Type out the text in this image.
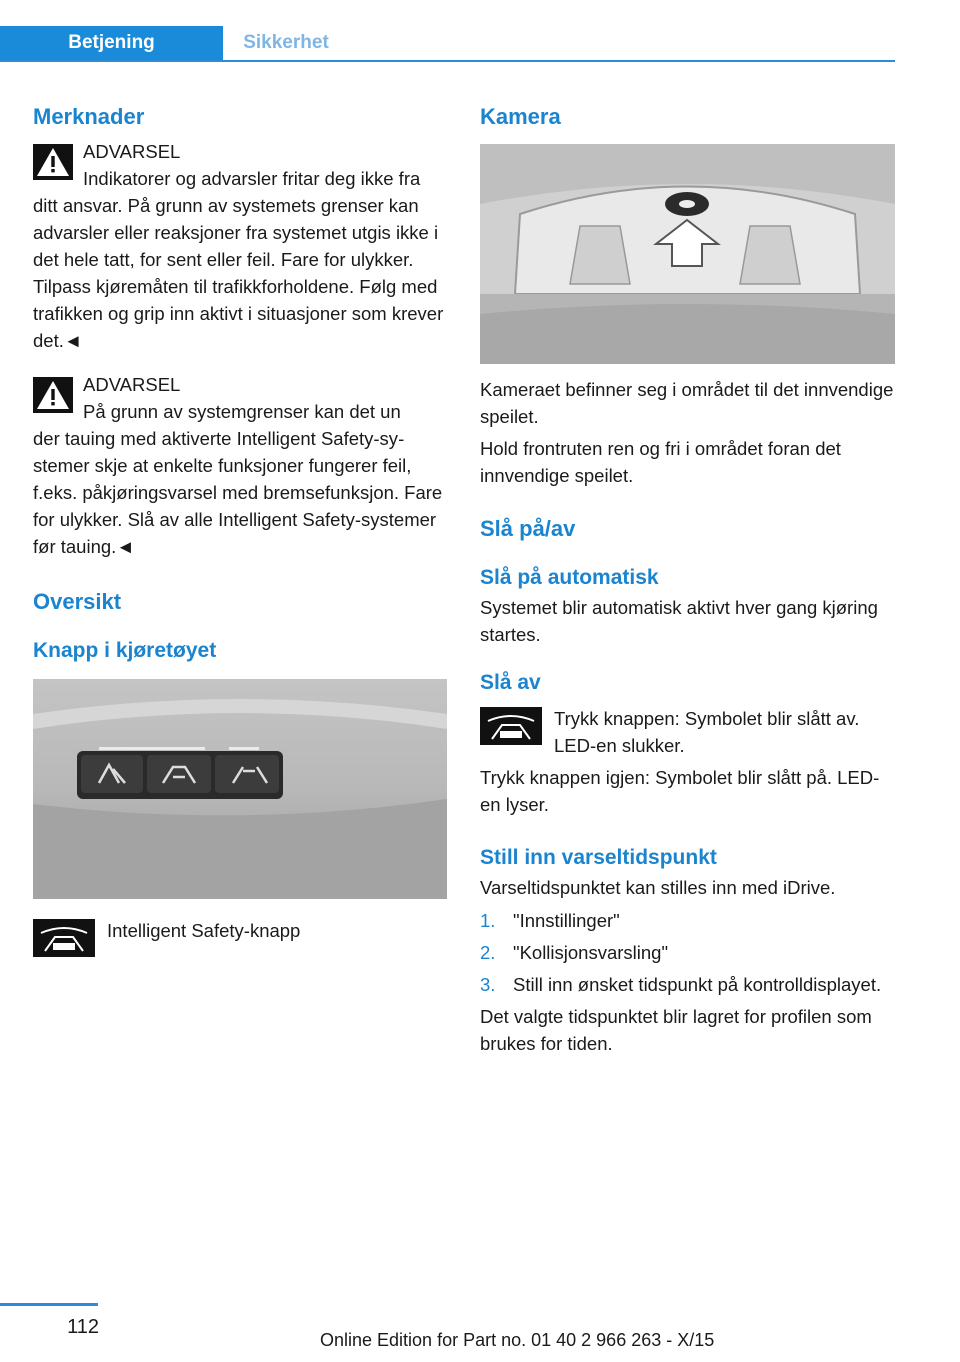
Betjening	Sikkerhet
Merknader

ADVARSEL

Indikatorer og advarsler fritar deg ikke fra

ditt ansvar. På grunn av systemets grenser kan advarsler eller reaksjoner fra systemet utgis ikke i det hele tatt, for sent eller feil. Fare for ulykker. Tilpass kjøremåten til trafikkforholdene. Følg med trafikken og grip inn aktivt i situasjoner som krever det.◄

ADVARSEL

På grunn av systemgrenser kan det un

der tauing med aktiverte Intelligent Safety-systemer skje at enkelte funksjoner fungerer feil, f.eks. påkjøringsvarsel med bremsefunksjon. Fare for ulykker. Slå av alle Intelligent Safety-systemer før tauing.◄

Oversikt
Knapp i kjøretøyet

Intelligent Safety-knapp

Kamera

Kameraet befinner seg i området til det innvendige speilet.

Hold frontruten ren og fri i området foran det innvendige speilet.

Slå på/av
Slå på automatisk

Systemet blir automatisk aktivt hver gang kjøring startes.

Slå av

Trykk knappen: Symbolet blir slått av. LED-en slukker.

Trykk knappen igjen: Symbolet blir slått på. LED-en lyser.

Still inn varseltidspunkt

Varseltidspunktet kan stilles inn med iDrive.

1. "Innstillinger"
2. "Kollisjonsvarsling"
3. Still inn ønsket tidspunkt på kontrolldisplayet.

Det valgte tidspunktet blir lagret for profilen som brukes for tiden.

112
Online Edition for Part no. 01 40 2 966 263 - X/15
